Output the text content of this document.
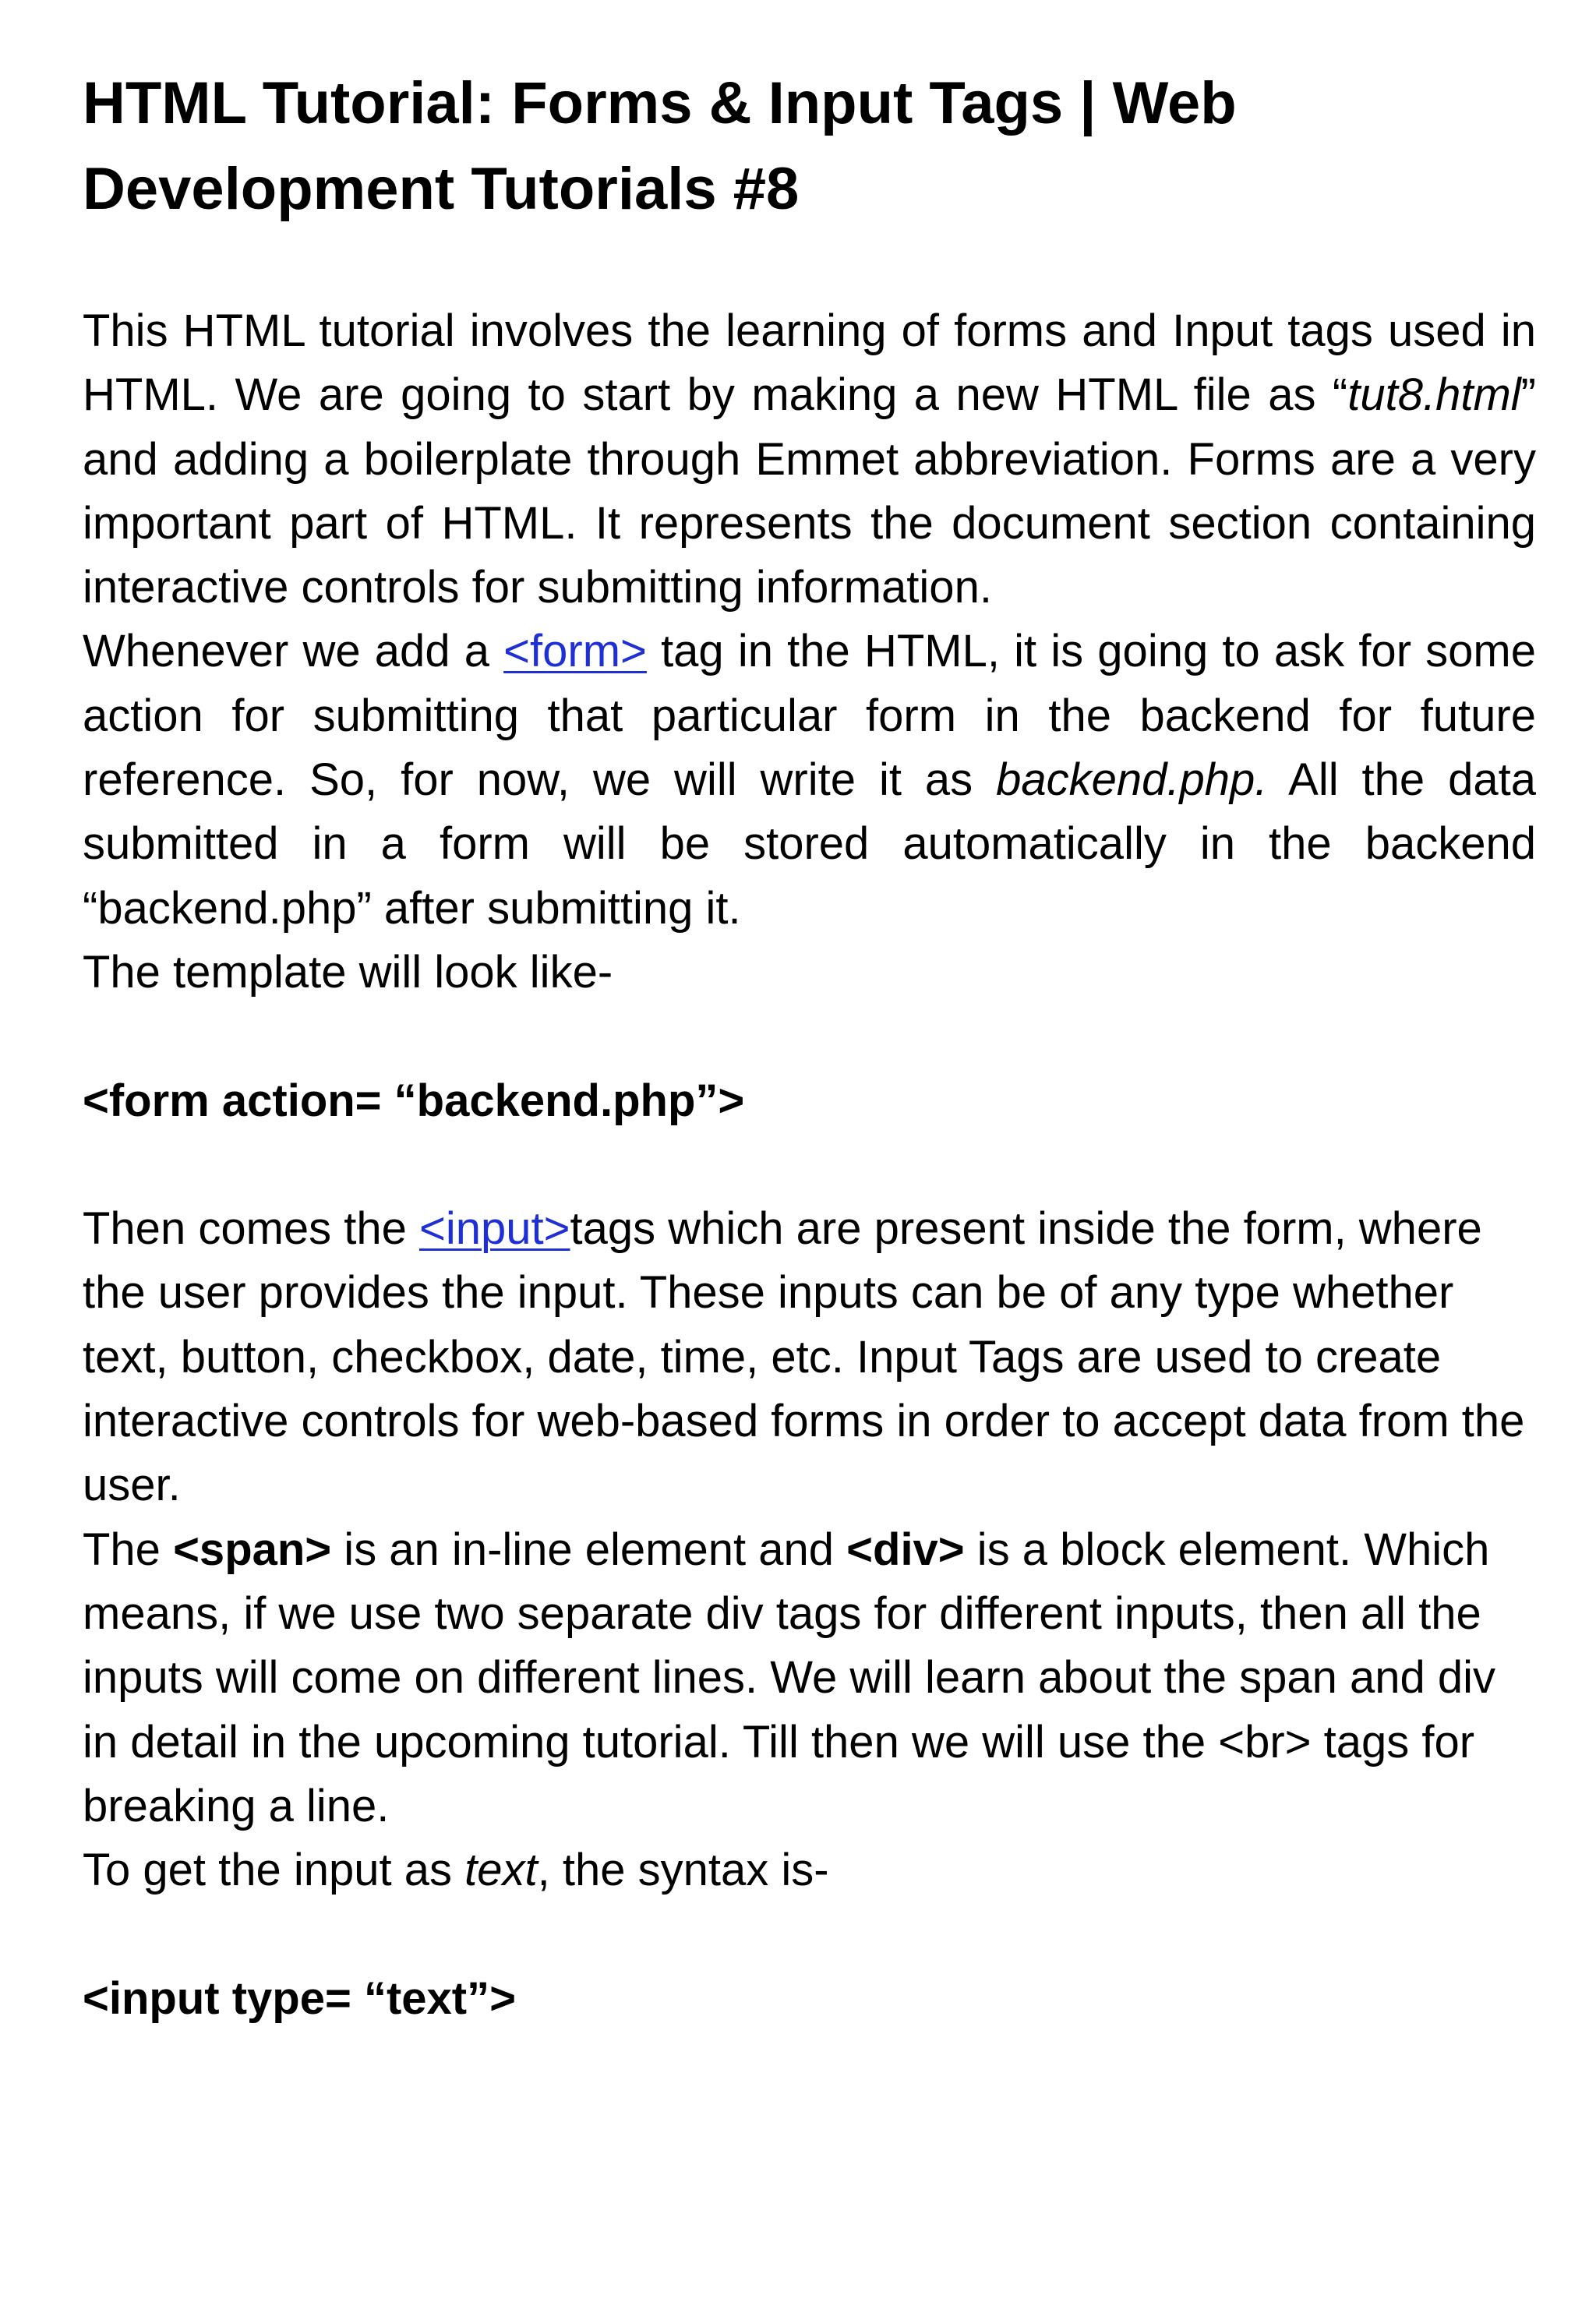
HTML Tutorial: Forms & Input Tags | Web Development Tutorials #8

This HTML tutorial involves the learning of forms and Input tags used in HTML. We are going to start by making a new HTML file as “tut8.html” and adding a boilerplate through Emmet abbreviation. Forms are a very important part of HTML. It represents the document section containing interactive controls for submitting information.

Whenever we add a <form> tag in the HTML, it is going to ask for some action for submitting that particular form in the backend for future reference. So, for now, we will write it as backend.php. All the data submitted in a form will be stored automatically in the backend “backend.php” after submitting it.

The template will look like-

<form action= “backend.php”>

Then comes the <input>tags which are present inside the form, where the user provides the input. These inputs can be of any type whether text, button, checkbox, date, time, etc. Input Tags are used to create interactive controls for web-based forms in order to accept data from the user.

The <span> is an in-line element and <div> is a block element. Which means, if we use two separate div tags for different inputs, then all the inputs will come on different lines. We will learn about the span and div in detail in the upcoming tutorial. Till then we will use the <br> tags for breaking a line.

To get the input as text, the syntax is-

<input type= “text”>
